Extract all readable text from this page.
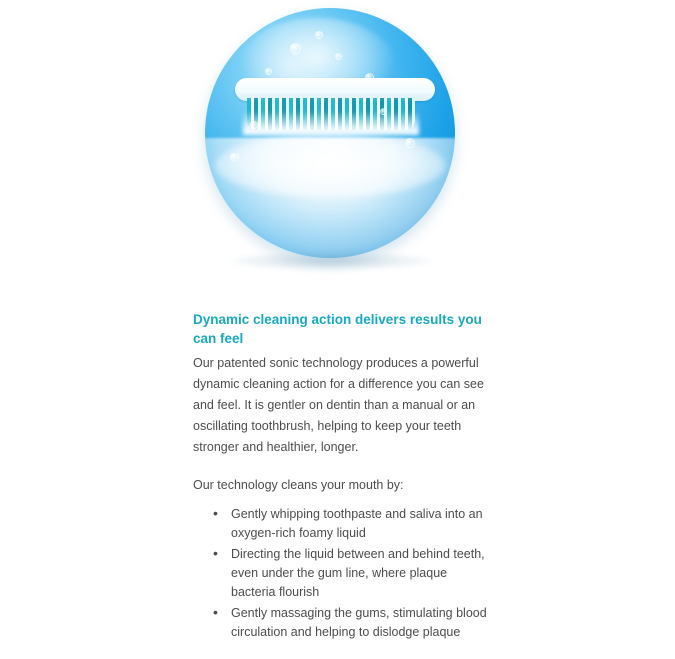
Dynamic cleaning action delivers results you can feel

Our patented sonic technology produces a powerful dynamic cleaning action for a difference you can see and feel. It is gentler on dentin than a manual or an oscillating toothbrush, helping to keep your teeth stronger and healthier, longer.

Our technology cleans your mouth by:

• Gently whipping toothpaste and saliva into an oxygen-rich foamy liquid
• Directing the liquid between and behind teeth, even under the gum line, where plaque bacteria flourish
• Gently massaging the gums, stimulating blood circulation and helping to dislodge plaque
